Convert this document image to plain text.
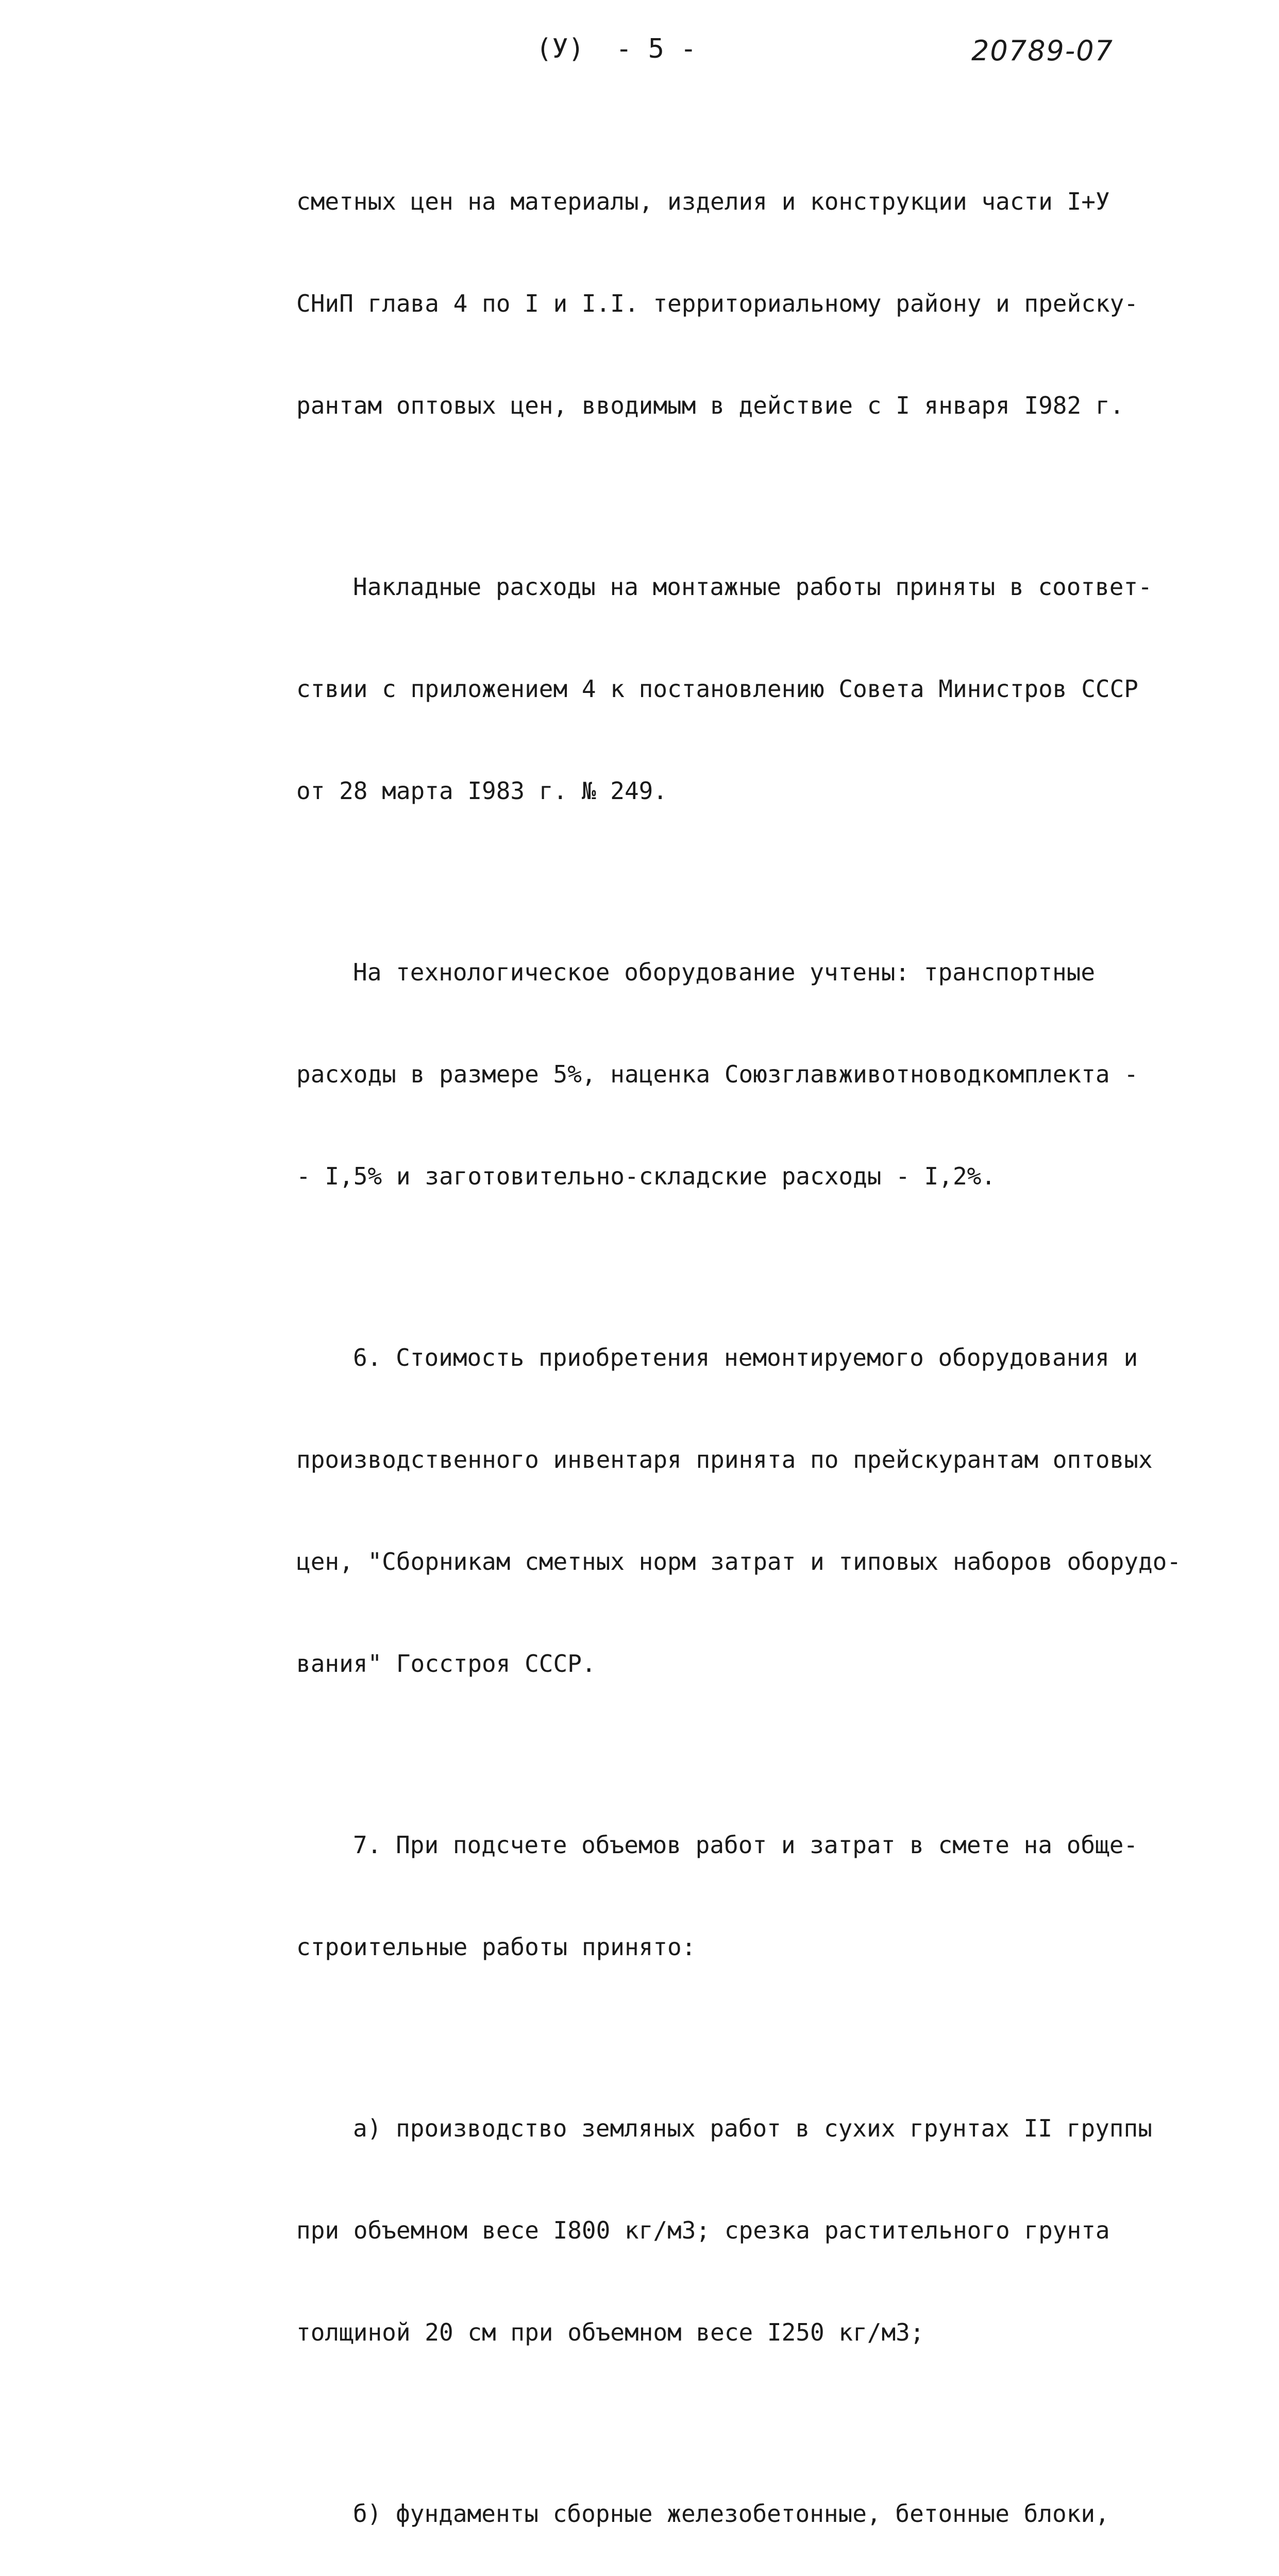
(У) - 5 -	20789-07

сметных цен на материалы, изделия и конструкции части I+У

СНиП глава 4 по I и I.I. территориальному району и прейску-

рантам оптовых цен, вводимым в действие с I января I982 г.

Накладные расходы на монтажные работы приняты в соответ-

ствии с приложением 4 к постановлению Совета Министров СССР

от 28 марта I983 г. № 249.

На технологическое оборудование учтены: транспортные

расходы в размере 5%, наценка Союзглавживотноводкомплекта -

- I,5% и заготовительно-складские расходы - I,2%.

6. Стоимость приобретения немонтируемого оборудования и

производственного инвентаря принята по прейскурантам оптовых

цен, "Сборникам сметных норм затрат и типовых наборов оборудо-

вания" Госстроя СССР.

7. При подсчете объемов работ и затрат в смете на обще-

строительные работы принято:

а) производство земляных работ в сухих грунтах II группы

при объемном весе I800 кг/м3; срезка растительного грунта

толщиной 20 см при объемном весе I250 кг/м3;

б) фундаменты сборные железобетонные, бетонные блоки,
